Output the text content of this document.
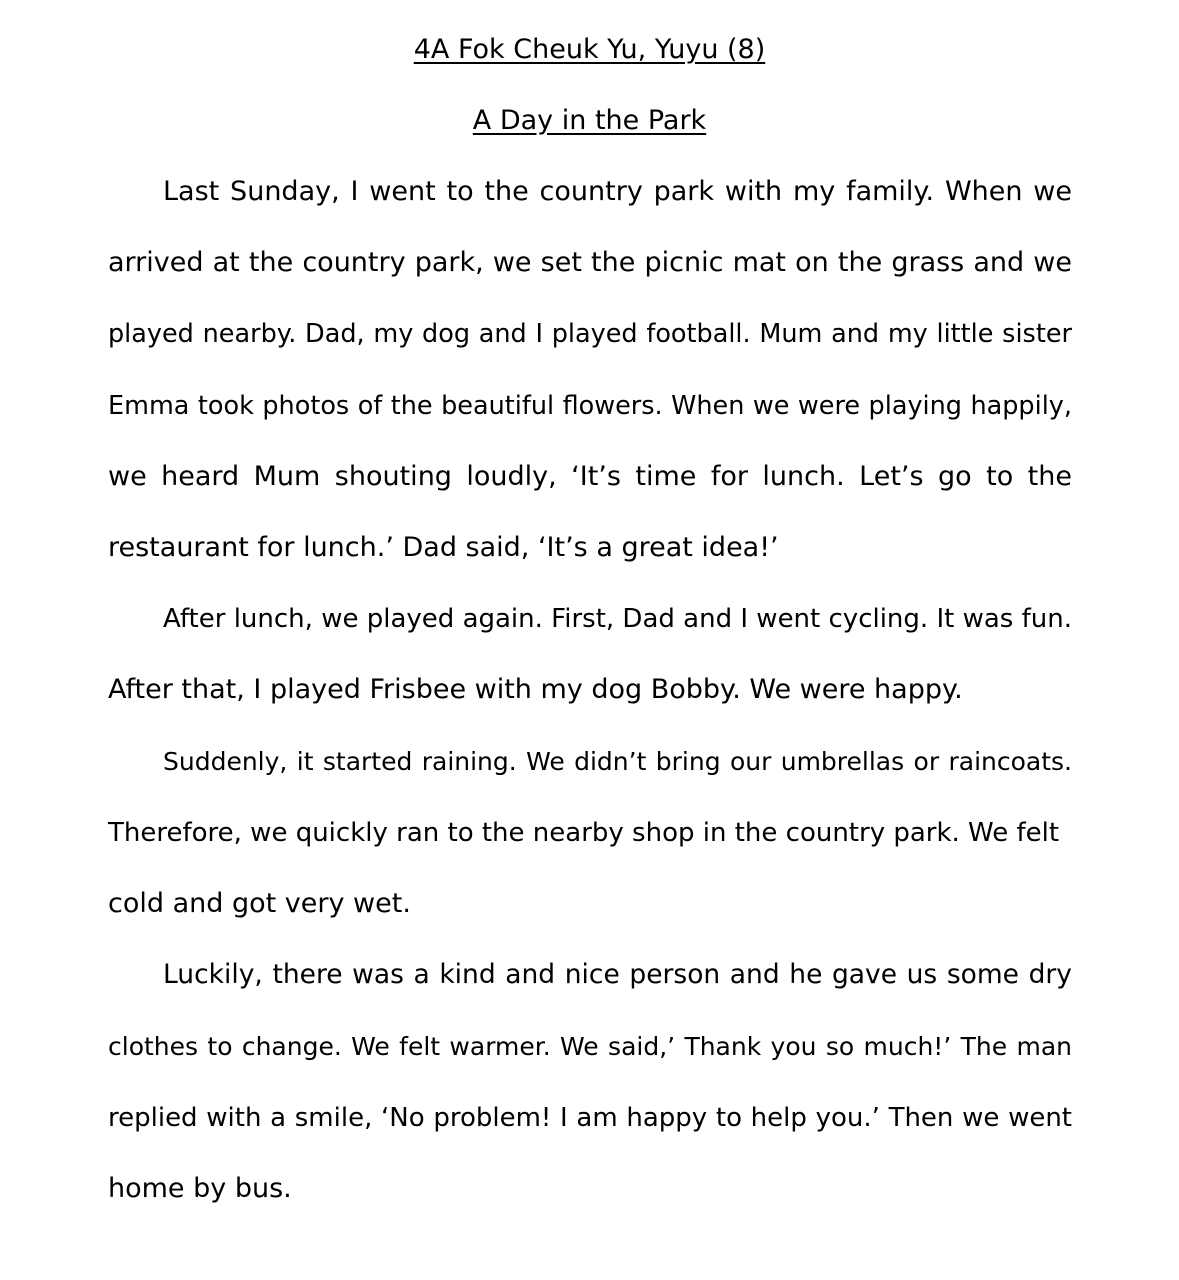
4A Fok Cheuk Yu, Yuyu (8)
A Day in the Park
Last Sunday, I went to the country park with my family. When we
arrived at the country park, we set the picnic mat on the grass and we
played nearby. Dad, my dog and I played football. Mum and my little sister
Emma took photos of the beautiful flowers. When we were playing happily,
we heard Mum shouting loudly, ‘It’s time for lunch. Let’s go to the
restaurant for lunch.’ Dad said, ‘It’s a great idea!’
After lunch, we played again. First, Dad and I went cycling. It was fun.
After that, I played Frisbee with my dog Bobby. We were happy.
Suddenly, it started raining. We didn’t bring our umbrellas or raincoats.
Therefore, we quickly ran to the nearby shop in the country park. We felt
cold and got very wet.
Luckily, there was a kind and nice person and he gave us some dry
clothes to change. We felt warmer. We said,’ Thank you so much!’ The man
replied with a smile, ‘No problem! I am happy to help you.’ Then we went
home by bus.
